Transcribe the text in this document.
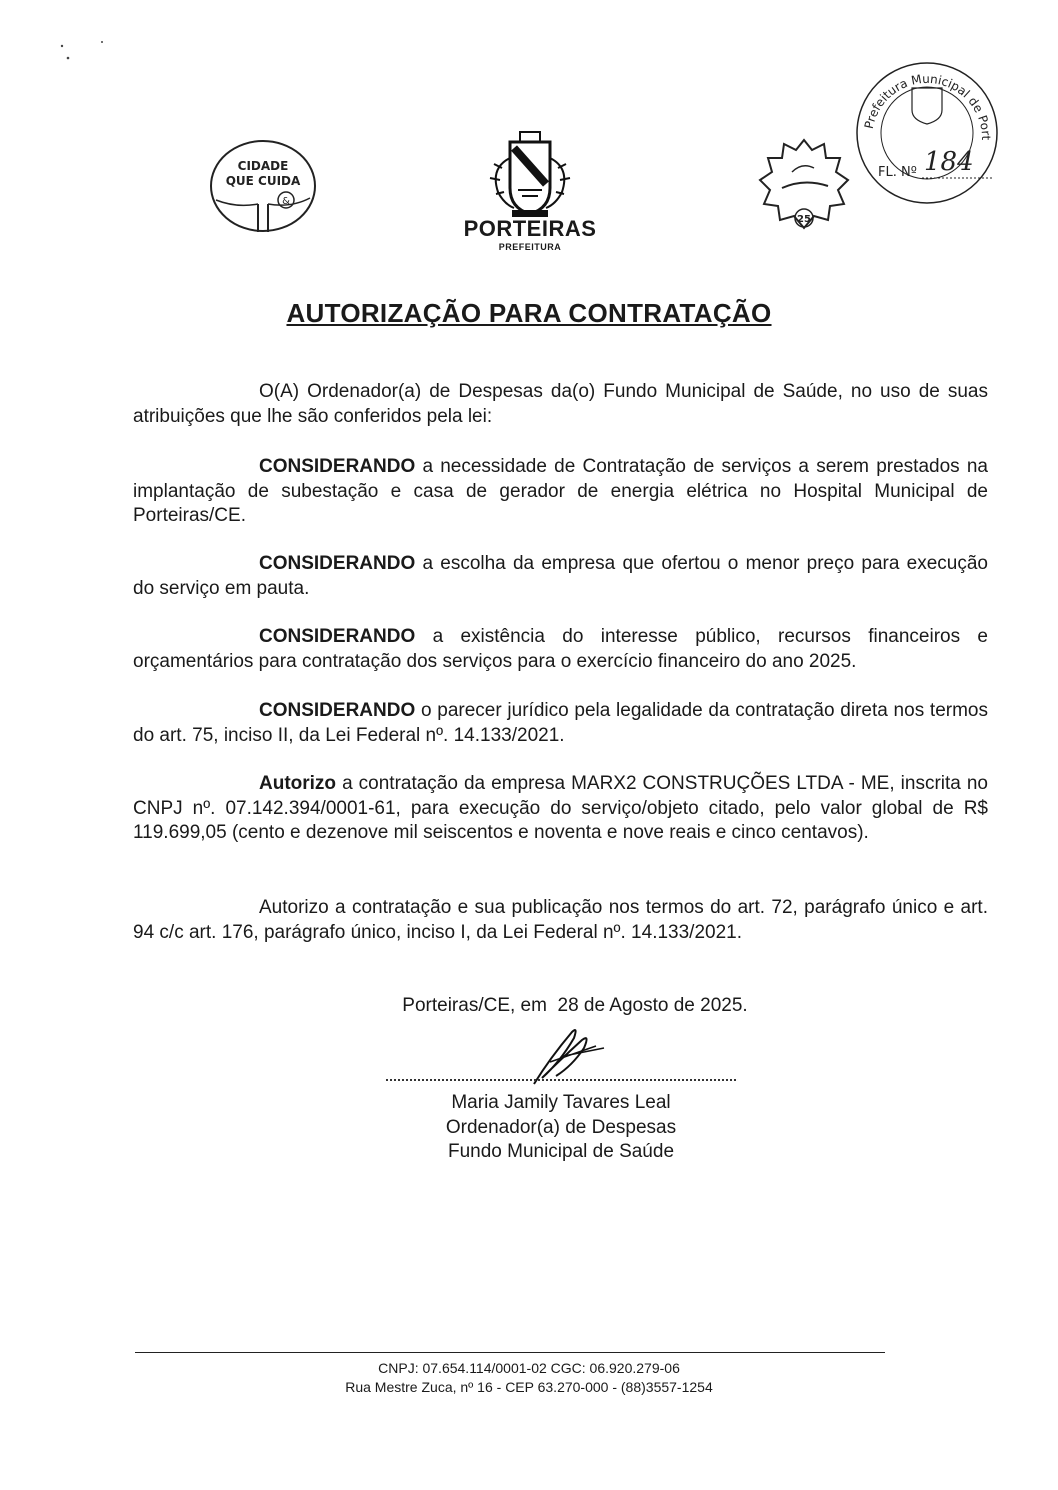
&
CIDADE
QUE CUIDA
PORTEIRAS
PREFEITURA
25
Prefeitura Municipal de Port
FL. Nº 184
AUTORIZAÇÃO PARA CONTRATAÇÃO

O(A) Ordenador(a) de Despesas da(o) Fundo Municipal de Saúde, no uso de suas atribuições que lhe são conferidos pela lei:

CONSIDERANDO a necessidade de Contratação de serviços a serem prestados na implantação de subestação e casa de gerador de energia elétrica no Hospital Municipal de Porteiras/CE.

CONSIDERANDO a escolha da empresa que ofertou o menor preço para execução do serviço em pauta.

CONSIDERANDO a existência do interesse público, recursos financeiros e orçamentários para contratação dos serviços para o exercício financeiro do ano 2025.

CONSIDERANDO o parecer jurídico pela legalidade da contratação direta nos termos do art. 75, inciso II, da Lei Federal nº. 14.133/2021.

Autorizo a contratação da empresa MARX2 CONSTRUÇÕES LTDA - ME, inscrita no CNPJ nº. 07.142.394/0001-61, para execução do serviço/objeto citado, pelo valor global de R$ 119.699,05 (cento e dezenove mil seiscentos e noventa e nove reais e cinco centavos).

Autorizo a contratação e sua publicação nos termos do art. 72, parágrafo único e art. 94 c/c art. 176, parágrafo único, inciso I, da Lei Federal nº. 14.133/2021.

Porteiras/CE, em  28 de Agosto de 2025.
Maria Jamily Tavares Leal
Ordenador(a) de Despesas
Fundo Municipal de Saúde
CNPJ: 07.654.114/0001-02 CGC: 06.920.279-06
Rua Mestre Zuca, nº 16 - CEP 63.270-000 - (88)3557-1254
